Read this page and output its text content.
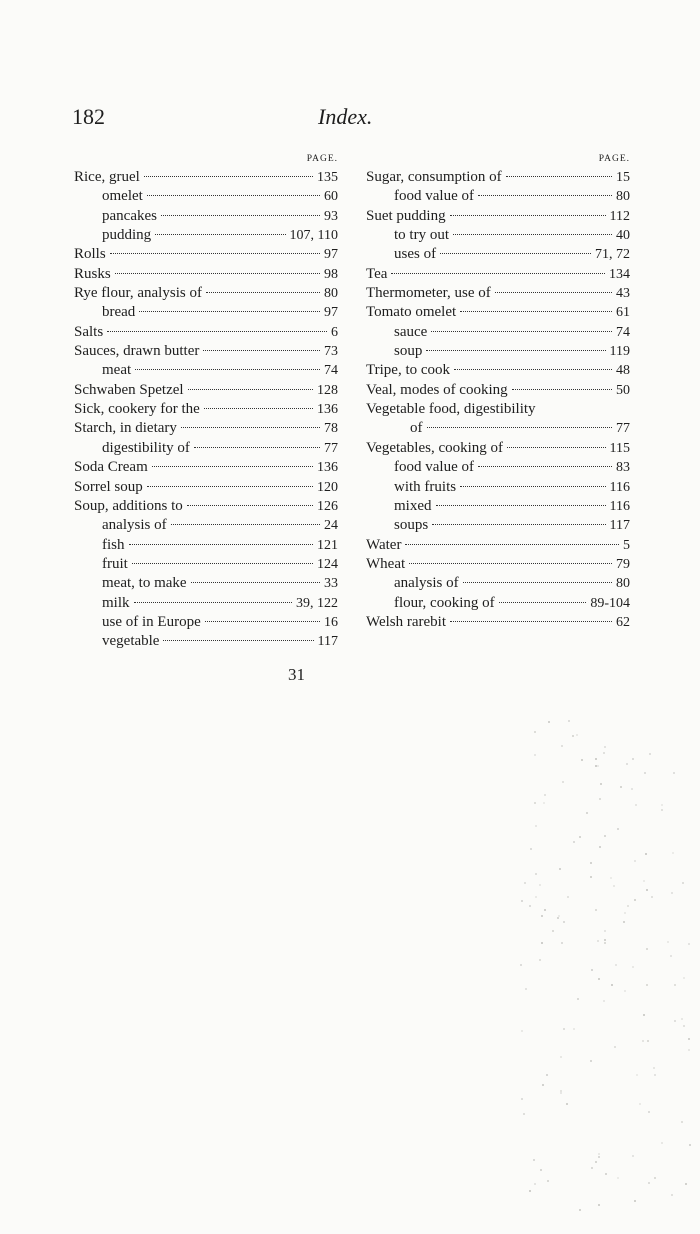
182	Index.
PAGE.
Rice, gruel	135
omelet	60
pancakes	93
pudding	107, 110
Rolls	97
Rusks	98
Rye flour, analysis of	80
bread	97
Salts	6
Sauces, drawn butter	73
meat	74
Schwaben Spetzel	128
Sick, cookery for the	136
Starch, in dietary	78
digestibility of	77
Soda Cream	136
Sorrel soup	120
Soup, additions to	126
analysis of	24
fish	121
fruit	124
meat, to make	33
milk	39, 122
use of in Europe	16
vegetable	117
PAGE.
Sugar, consumption of	15
food value of	80
Suet pudding	112
to try out	40
uses of	71, 72
Tea	134
Thermometer, use of	43
Tomato omelet	61
sauce	74
soup	119
Tripe, to cook	48
Veal, modes of cooking	50
Vegetable food, digestibility
of	77
Vegetables, cooking of	115
food value of	83
with fruits	116
mixed	116
soups	117
Water	5
Wheat	79
analysis of	80
flour, cooking of	89-104
Welsh rarebit	62
31
